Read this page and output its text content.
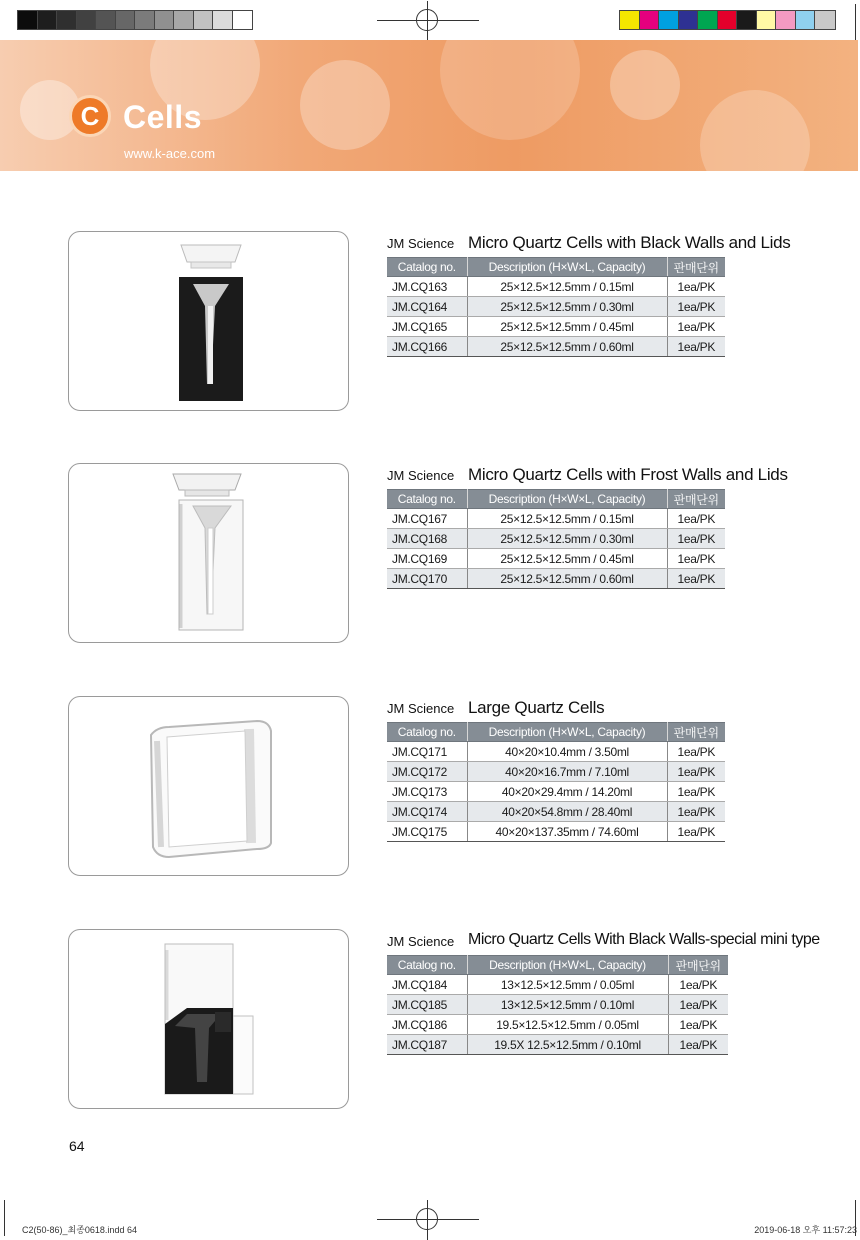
C Cells
www.k-ace.com
JM Science Micro Quartz Cells with Black Walls and Lids
Catalog no.	Description (H×W×L, Capacity)	판매단위
JM.CQ163	25×12.5×12.5mm / 0.15ml	1ea/PK
JM.CQ164	25×12.5×12.5mm / 0.30ml	1ea/PK
JM.CQ165	25×12.5×12.5mm / 0.45ml	1ea/PK
JM.CQ166	25×12.5×12.5mm / 0.60ml	1ea/PK
JM Science Micro Quartz Cells with Frost Walls and Lids
Catalog no.	Description (H×W×L, Capacity)	판매단위
JM.CQ167	25×12.5×12.5mm / 0.15ml	1ea/PK
JM.CQ168	25×12.5×12.5mm / 0.30ml	1ea/PK
JM.CQ169	25×12.5×12.5mm / 0.45ml	1ea/PK
JM.CQ170	25×12.5×12.5mm / 0.60ml	1ea/PK
JM Science Large Quartz Cells
Catalog no.	Description (H×W×L, Capacity)	판매단위
JM.CQ171	40×20×10.4mm / 3.50ml	1ea/PK
JM.CQ172	40×20×16.7mm / 7.10ml	1ea/PK
JM.CQ173	40×20×29.4mm / 14.20ml	1ea/PK
JM.CQ174	40×20×54.8mm / 28.40ml	1ea/PK
JM.CQ175	40×20×137.35mm / 74.60ml	1ea/PK
JM Science Micro Quartz Cells With Black Walls-special mini type
Catalog no.	Description (H×W×L, Capacity)	판매단위
JM.CQ184	13×12.5×12.5mm / 0.05ml	1ea/PK
JM.CQ185	13×12.5×12.5mm / 0.10ml	1ea/PK
JM.CQ186	19.5×12.5×12.5mm / 0.05ml	1ea/PK
JM.CQ187	19.5X 12.5×12.5mm / 0.10ml	1ea/PK
64
C2(50-86)_최종0618.indd 64	2019-06-18 오후 11:57:23
